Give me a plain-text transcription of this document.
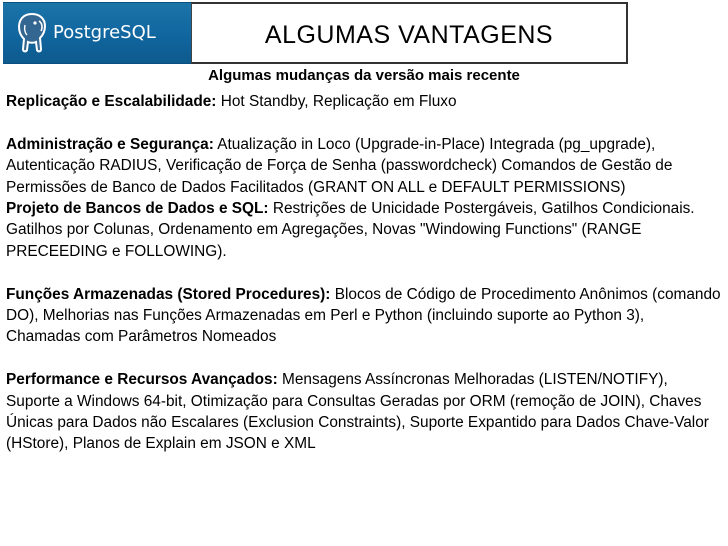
PostgreSQL	ALGUMAS VANTAGENS
Algumas mudanças da versão mais recente

Replicação e Escalabilidade: Hot Standby, Replicação em Fluxo

Administração e Segurança: Atualização in Loco (Upgrade-in-Place) Integrada (pg_upgrade), Autenticação RADIUS, Verificação de Força de Senha (passwordcheck) Comandos de Gestão de Permissões de Banco de Dados Facilitados (GRANT ON ALL e DEFAULT PERMISSIONS)

Projeto de Bancos de Dados e SQL: Restrições de Unicidade Postergáveis, Gatilhos Condicionais. Gatilhos por Colunas, Ordenamento em Agregações, Novas "Windowing Functions" (RANGE PRECEEDING e FOLLOWING).

Funções Armazenadas (Stored Procedures): Blocos de Código de Procedimento Anônimos (comando DO), Melhorias nas Funções Armazenadas em Perl e Python (incluindo suporte ao Python 3), Chamadas com Parâmetros Nomeados

Performance e Recursos Avançados: Mensagens Assíncronas Melhoradas (LISTEN/NOTIFY), Suporte a Windows 64-bit, Otimização para Consultas Geradas por ORM (remoção de JOIN), Chaves Únicas para Dados não Escalares (Exclusion Constraints), Suporte Expantido para Dados Chave-Valor (HStore), Planos de Explain em JSON e XML
